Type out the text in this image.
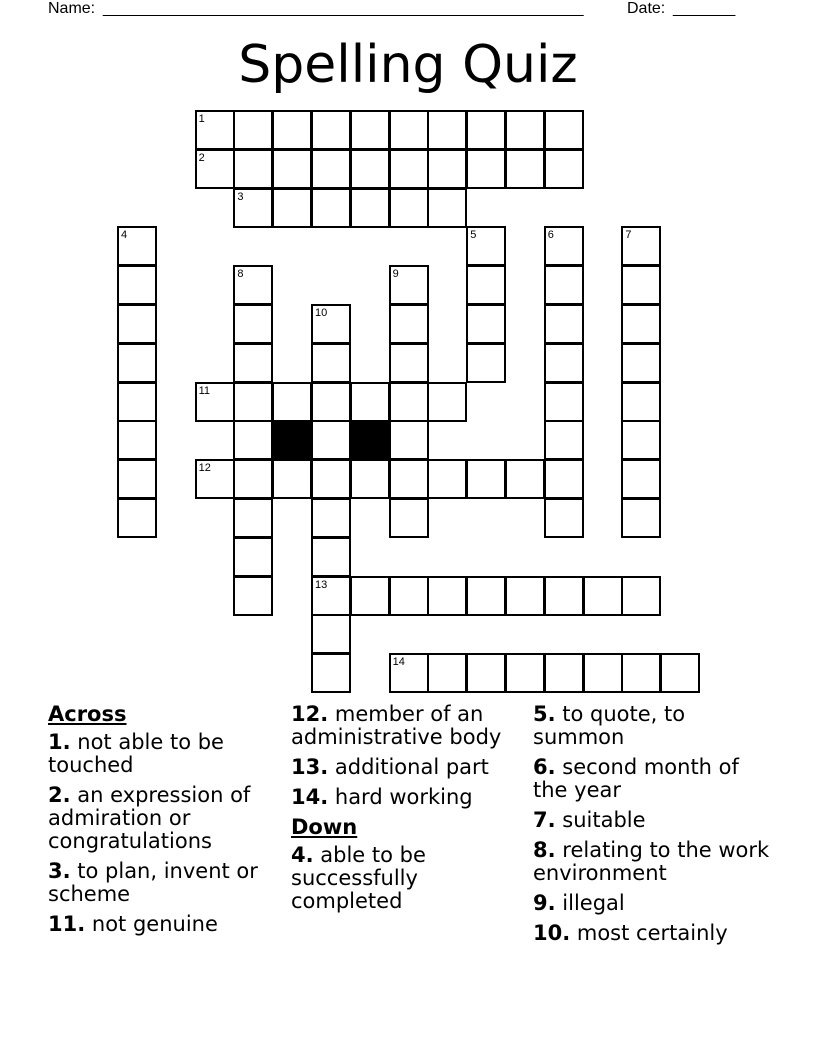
Name: ______________________________________________________	Date: _______
Spelling Quiz
1
2
3
4	5	6	7
8	9
10
11
12
13
14
Across
1. not able to be touched
2. an expression of admiration or congratulations
3. to plan, invent or scheme
11. not genuine
12. member of an administrative body
13. additional part
14. hard working
Down
4. able to be successfully completed
5. to quote, to summon
6. second month of the year
7. suitable
8. relating to the work environment
9. illegal
10. most certainly
